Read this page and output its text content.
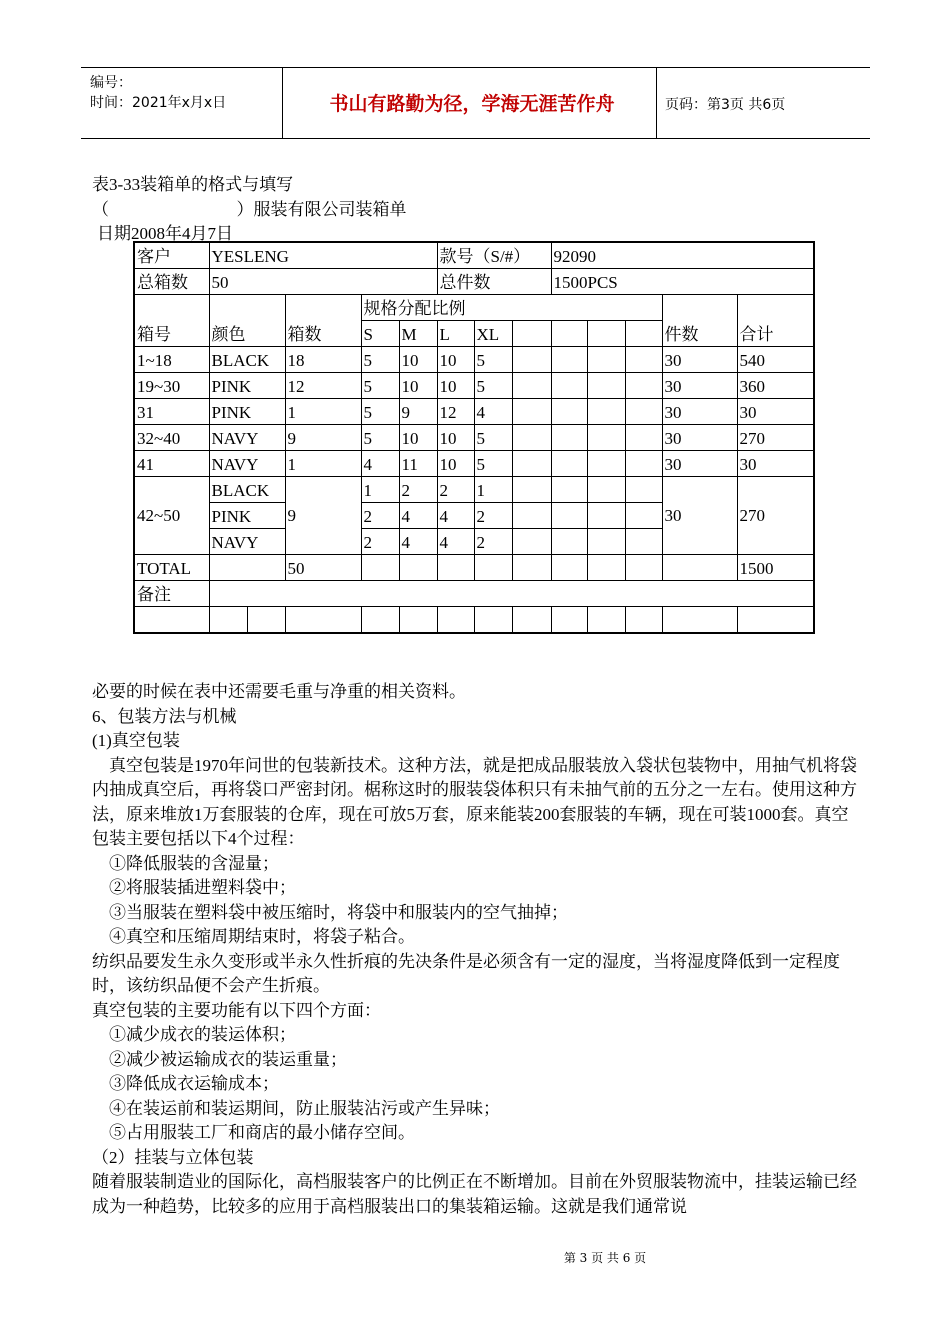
编号：
时间：2021年x月x日	书山有路勤为径，学海无涯苦作舟	页码：第3页 共6页
表3-33装箱单的格式与填写
（                              ）服装有限公司装箱单
日期2008年4月7日
客户	YESLENG					款号（S/#）			92090				
总箱数	50					总件数			1500PCS				
箱号	颜色		箱数	规格分配比例								件数	合计
				S	M	L	XL						
1~18	BLACK		18	5	10	10	5					30	540
19~30	PINK		12	5	10	10	5					30	360
31	PINK		1	5	9	12	4					30	30
32~40	NAVY		9	5	10	10	5					30	270
41	NAVY		1	4	11	10	5					30	30
42~50	BLACK		9	1	2	2	1					30	270
	PINK			2	4	4	2						
	NAVY			2	4	4	2						
TOTAL			50										1500
备注													

必要的时候在表中还需要毛重与净重的相关资料。

6、包装方法与机械

(1)真空包装

真空包装是1970年问世的包装新技术。这种方法，就是把成品服装放入袋状包装物中，用抽气机将袋内抽成真空后，再将袋口严密封闭。椐称这时的服装袋体积只有未抽气前的五分之一左右。使用这种方法，原来堆放1万套服装的仓库，现在可放5万套，原来能装200套服装的车辆，现在可装1000套。真空包装主要包括以下4个过程：

①降低服装的含湿量；

②将服装插进塑料袋中；

③当服装在塑料袋中被压缩时，将袋中和服装内的空气抽掉；

④真空和压缩周期结束时，将袋子粘合。

纺织品要发生永久变形或半永久性折痕的先决条件是必须含有一定的湿度，当将湿度降低到一定程度时，该纺织品便不会产生折痕。

真空包装的主要功能有以下四个方面：

①减少成衣的装运体积；

②减少被运输成衣的装运重量；

③降低成衣运输成本；

④在装运前和装运期间，防止服装沾污或产生异味；

⑤占用服装工厂和商店的最小储存空间。

（2）挂装与立体包装

随着服装制造业的国际化，高档服装客户的比例正在不断增加。目前在外贸服装物流中，挂装运输已经成为一种趋势，比较多的应用于高档服装出口的集装箱运输。这就是我们通常说

第 3 页 共 6 页
